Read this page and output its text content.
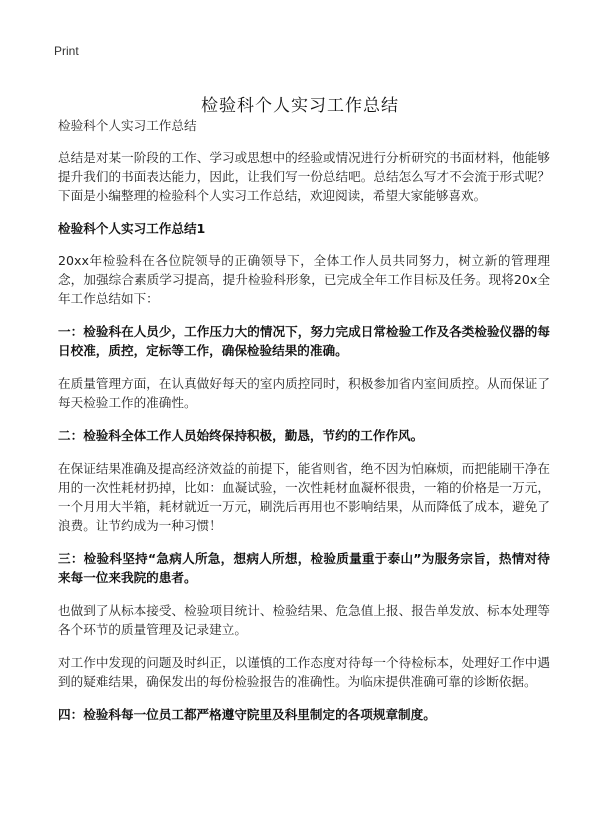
Print
检验科个人实习工作总结

检验科个人实习工作总结

总结是对某一阶段的工作、学习或思想中的经验或情况进行分析研究的书面材料，他能够提升我们的书面表达能力，因此，让我们写一份总结吧。总结怎么写才不会流于形式呢？下面是小编整理的检验科个人实习工作总结，欢迎阅读，希望大家能够喜欢。

检验科个人实习工作总结1

20xx年检验科在各位院领导的正确领导下，全体工作人员共同努力，树立新的管理理念，加强综合素质学习提高，提升检验科形象，已完成全年工作目标及任务。现将20x全年工作总结如下：

一：检验科在人员少，工作压力大的情况下，努力完成日常检验工作及各类检验仪器的每日校准，质控，定标等工作，确保检验结果的准确。

在质量管理方面，在认真做好每天的室内质控同时，积极参加省内室间质控。从而保证了每天检验工作的准确性。

二：检验科全体工作人员始终保持积极，勤恳，节约的工作作风。

在保证结果准确及提高经济效益的前提下，能省则省，绝不因为怕麻烦，而把能刷干净在用的一次性耗材扔掉，比如：血凝试验，一次性耗材血凝杯很贵，一箱的价格是一万元，一个月用大半箱，耗材就近一万元，刷洗后再用也不影响结果，从而降低了成本，避免了浪费。让节约成为一种习惯！

三：检验科坚持“急病人所急，想病人所想，检验质量重于泰山”为服务宗旨，热情对待来每一位来我院的患者。

也做到了从标本接受、检验项目统计、检验结果、危急值上报、报告单发放、标本处理等各个环节的质量管理及记录建立。

对工作中发现的问题及时纠正，以谨慎的工作态度对待每一个待检标本，处理好工作中遇到的疑难结果，确保发出的每份检验报告的准确性。为临床提供准确可靠的诊断依据。

四：检验科每一位员工都严格遵守院里及科里制定的各项规章制度。
